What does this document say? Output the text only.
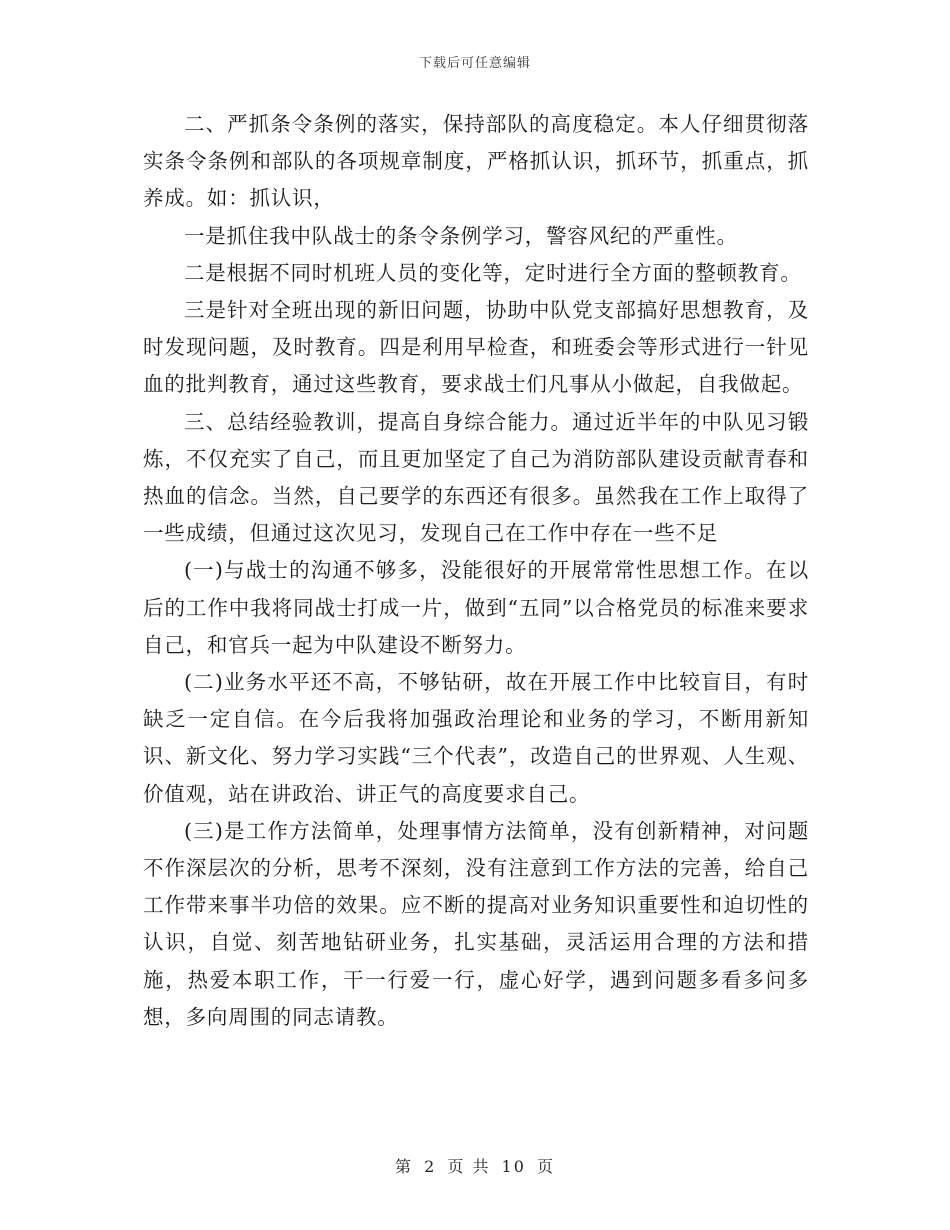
下载后可任意编辑

二、严抓条令条例的落实，保持部队的高度稳定。本人仔细贯彻落实条令条例和部队的各项规章制度，严格抓认识，抓环节，抓重点，抓养成。如：抓认识，

一是抓住我中队战士的条令条例学习，警容风纪的严重性。

二是根据不同时机班人员的变化等，定时进行全方面的整顿教育。

三是针对全班出现的新旧问题，协助中队党支部搞好思想教育，及时发现问题，及时教育。四是利用早检查，和班委会等形式进行一针见血的批判教育，通过这些教育，要求战士们凡事从小做起，自我做起。

三、总结经验教训，提高自身综合能力。通过近半年的中队见习锻炼，不仅充实了自己，而且更加坚定了自己为消防部队建设贡献青春和热血的信念。当然，自己要学的东西还有很多。虽然我在工作上取得了一些成绩，但通过这次见习，发现自己在工作中存在一些不足

(一)与战士的沟通不够多，没能很好的开展常常性思想工作。在以后的工作中我将同战士打成一片，做到“五同”以合格党员的标准来要求自己，和官兵一起为中队建设不断努力。

(二)业务水平还不高，不够钻研，故在开展工作中比较盲目，有时缺乏一定自信。在今后我将加强政治理论和业务的学习，不断用新知识、新文化、努力学习实践“三个代表”，改造自己的世界观、人生观、价值观，站在讲政治、讲正气的高度要求自己。

(三)是工作方法简单，处理事情方法简单，没有创新精神，对问题不作深层次的分析，思考不深刻，没有注意到工作方法的完善，给自己工作带来事半功倍的效果。应不断的提高对业务知识重要性和迫切性的认识，自觉、刻苦地钻研业务，扎实基础，灵活运用合理的方法和措施，热爱本职工作，干一行爱一行，虚心好学，遇到问题多看多问多想，多向周围的同志请教。

第 2 页 共 10 页
